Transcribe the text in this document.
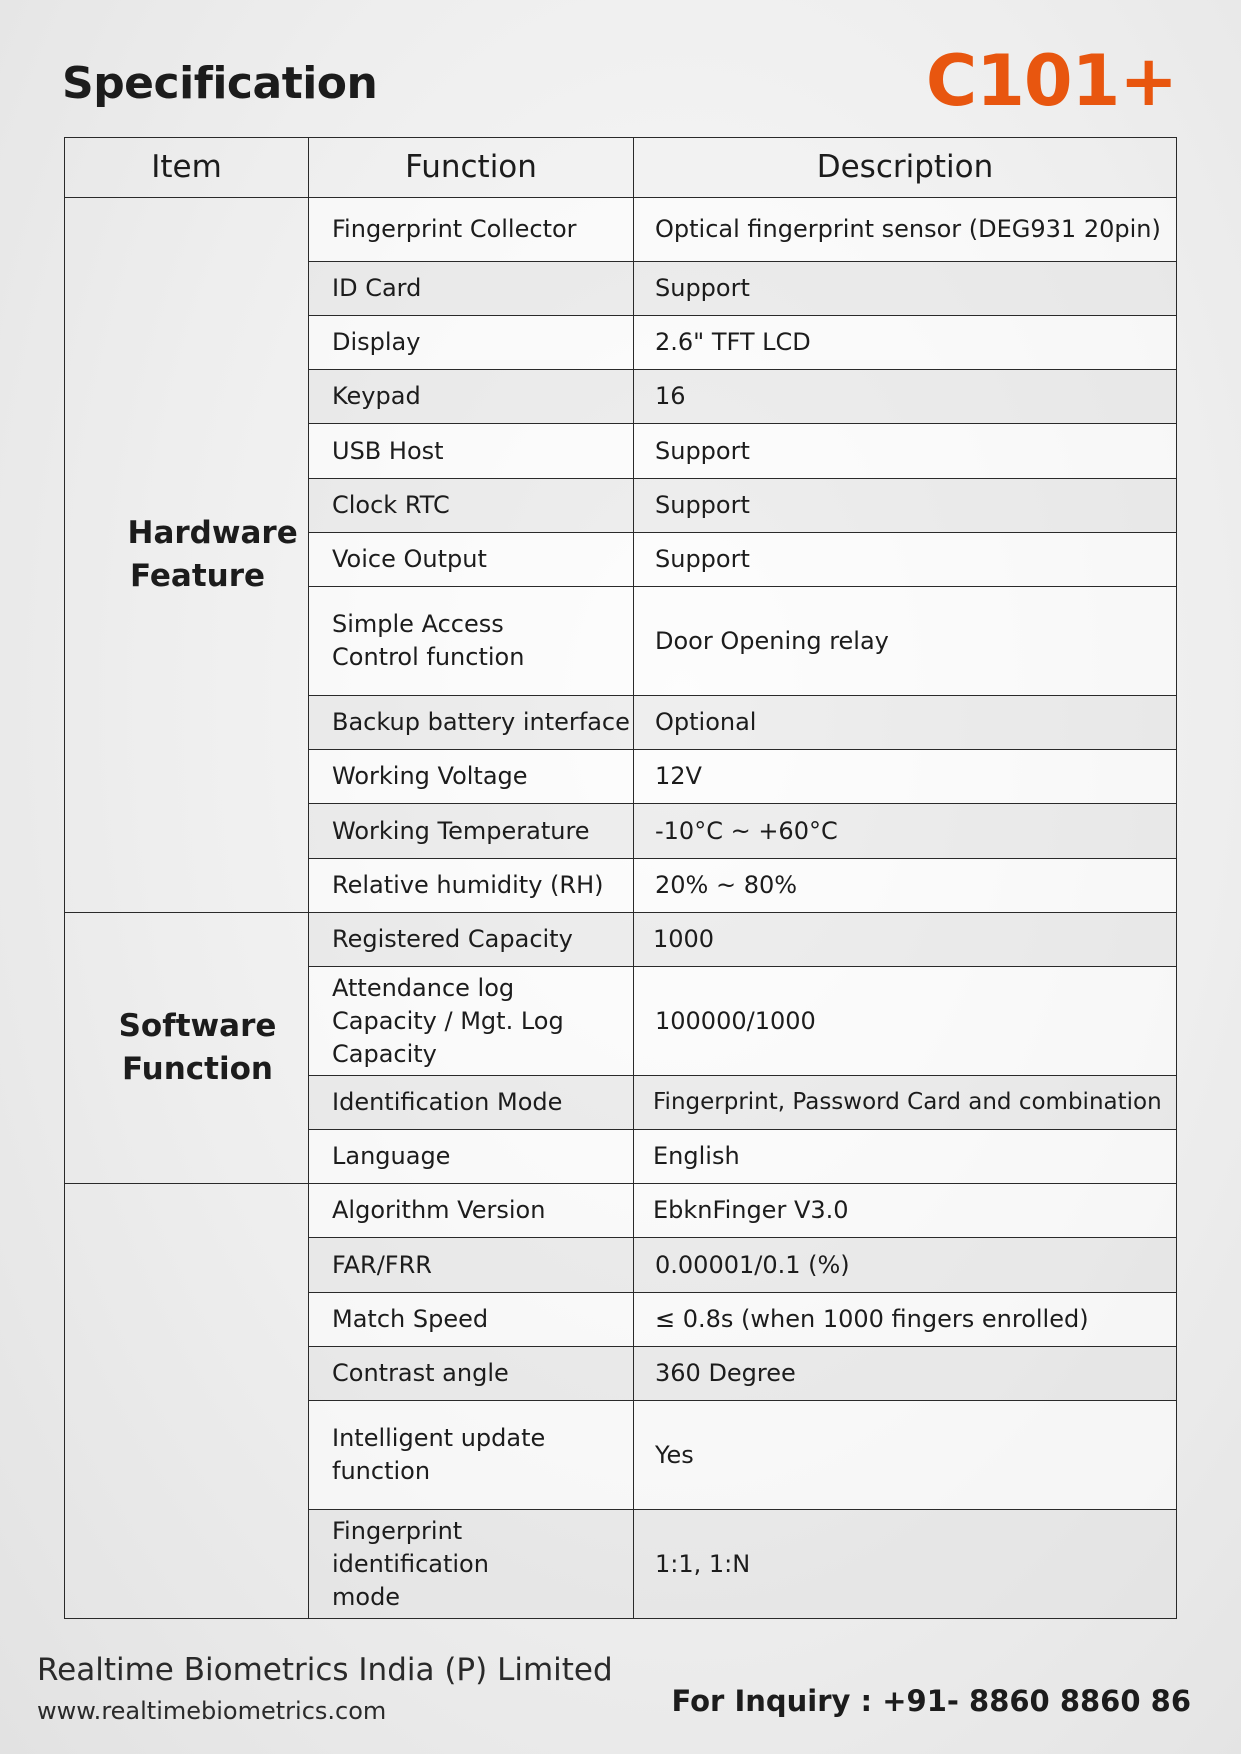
Specification	C101+
Item	Function	Description

Hardware Feature	Fingerprint Collector	Optical fingerprint sensor (DEG931 20pin)
	ID Card	Support
	Display	2.6" TFT LCD
	Keypad	16
	USB Host	Support
	Clock RTC	Support
	Voice Output	Support
	Simple Access Control function	Door Opening relay
	Backup battery interface	Optional
	Working Voltage	12V
	Working Temperature	-10°C ~ +60°C
	Relative humidity (RH)	20% ~ 80%

Software Function	Registered Capacity	1000
	Attendance log Capacity / Mgt. Log Capacity	100000/1000
	Identification Mode	Fingerprint, Password Card and combination
	Language	English
	Algorithm Version	EbknFinger V3.0
	FAR/FRR	0.00001/0.1 (%)
	Match Speed	≤ 0.8s (when 1000 fingers enrolled)
	Contrast angle	360 Degree
	Intelligent update function	Yes
	Fingerprint identification mode	1:1, 1:N
Realtime Biometrics India (P) Limited
www.realtimebiometrics.com	For Inquiry : +91- 8860 8860 86
